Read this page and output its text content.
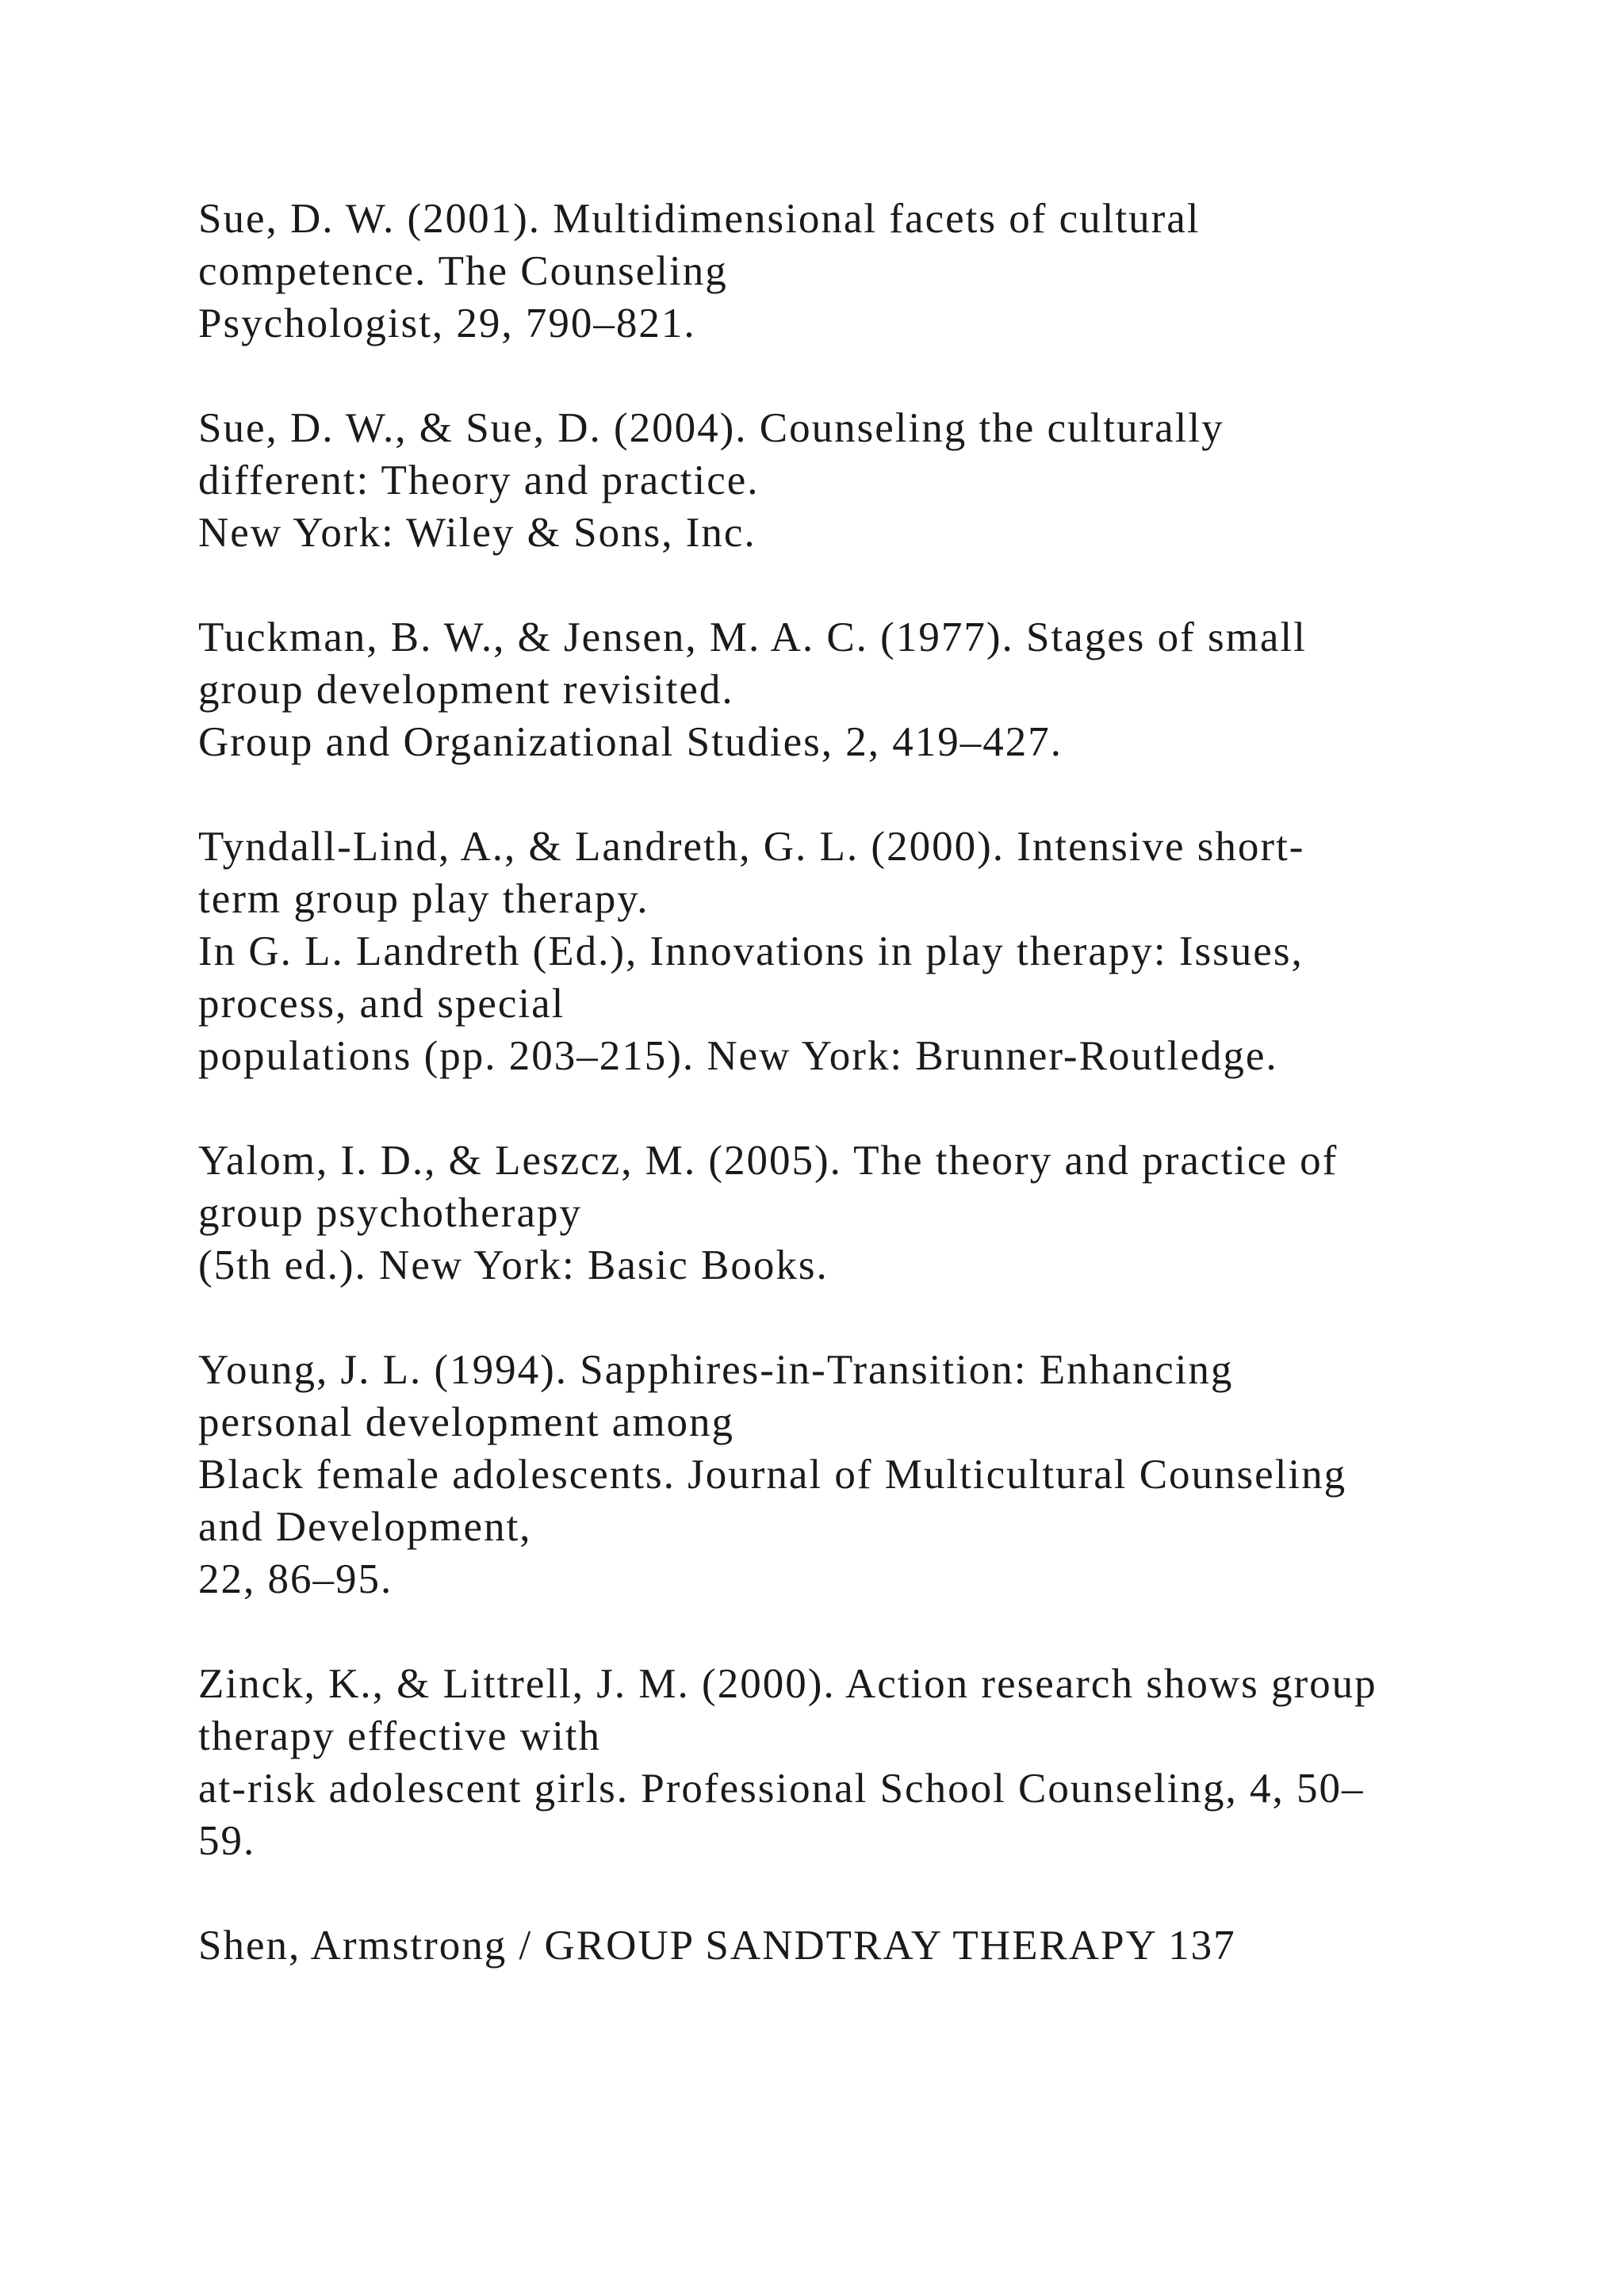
Sue, D. W. (2001). Multidimensional facets of cultural
competence. The Counseling
Psychologist, 29, 790–821.
Sue, D. W., & Sue, D. (2004). Counseling the culturally
different: Theory and practice.
New York: Wiley & Sons, Inc.
Tuckman, B. W., & Jensen, M. A. C. (1977). Stages of small
group development revisited.
Group and Organizational Studies, 2, 419–427.
Tyndall-Lind, A., & Landreth, G. L. (2000). Intensive short-
term group play therapy.
In G. L. Landreth (Ed.), Innovations in play therapy: Issues,
process, and special
populations (pp. 203–215). New York: Brunner-Routledge.
Yalom, I. D., & Leszcz, M. (2005). The theory and practice of
group psychotherapy
(5th ed.). New York: Basic Books.
Young, J. L. (1994). Sapphires-in-Transition: Enhancing
personal development among
Black female adolescents. Journal of Multicultural Counseling
and Development,
22, 86–95.
Zinck, K., & Littrell, J. M. (2000). Action research shows group
therapy effective with
at-risk adolescent girls. Professional School Counseling, 4, 50–
59.
Shen, Armstrong / GROUP SANDTRAY THERAPY 137
